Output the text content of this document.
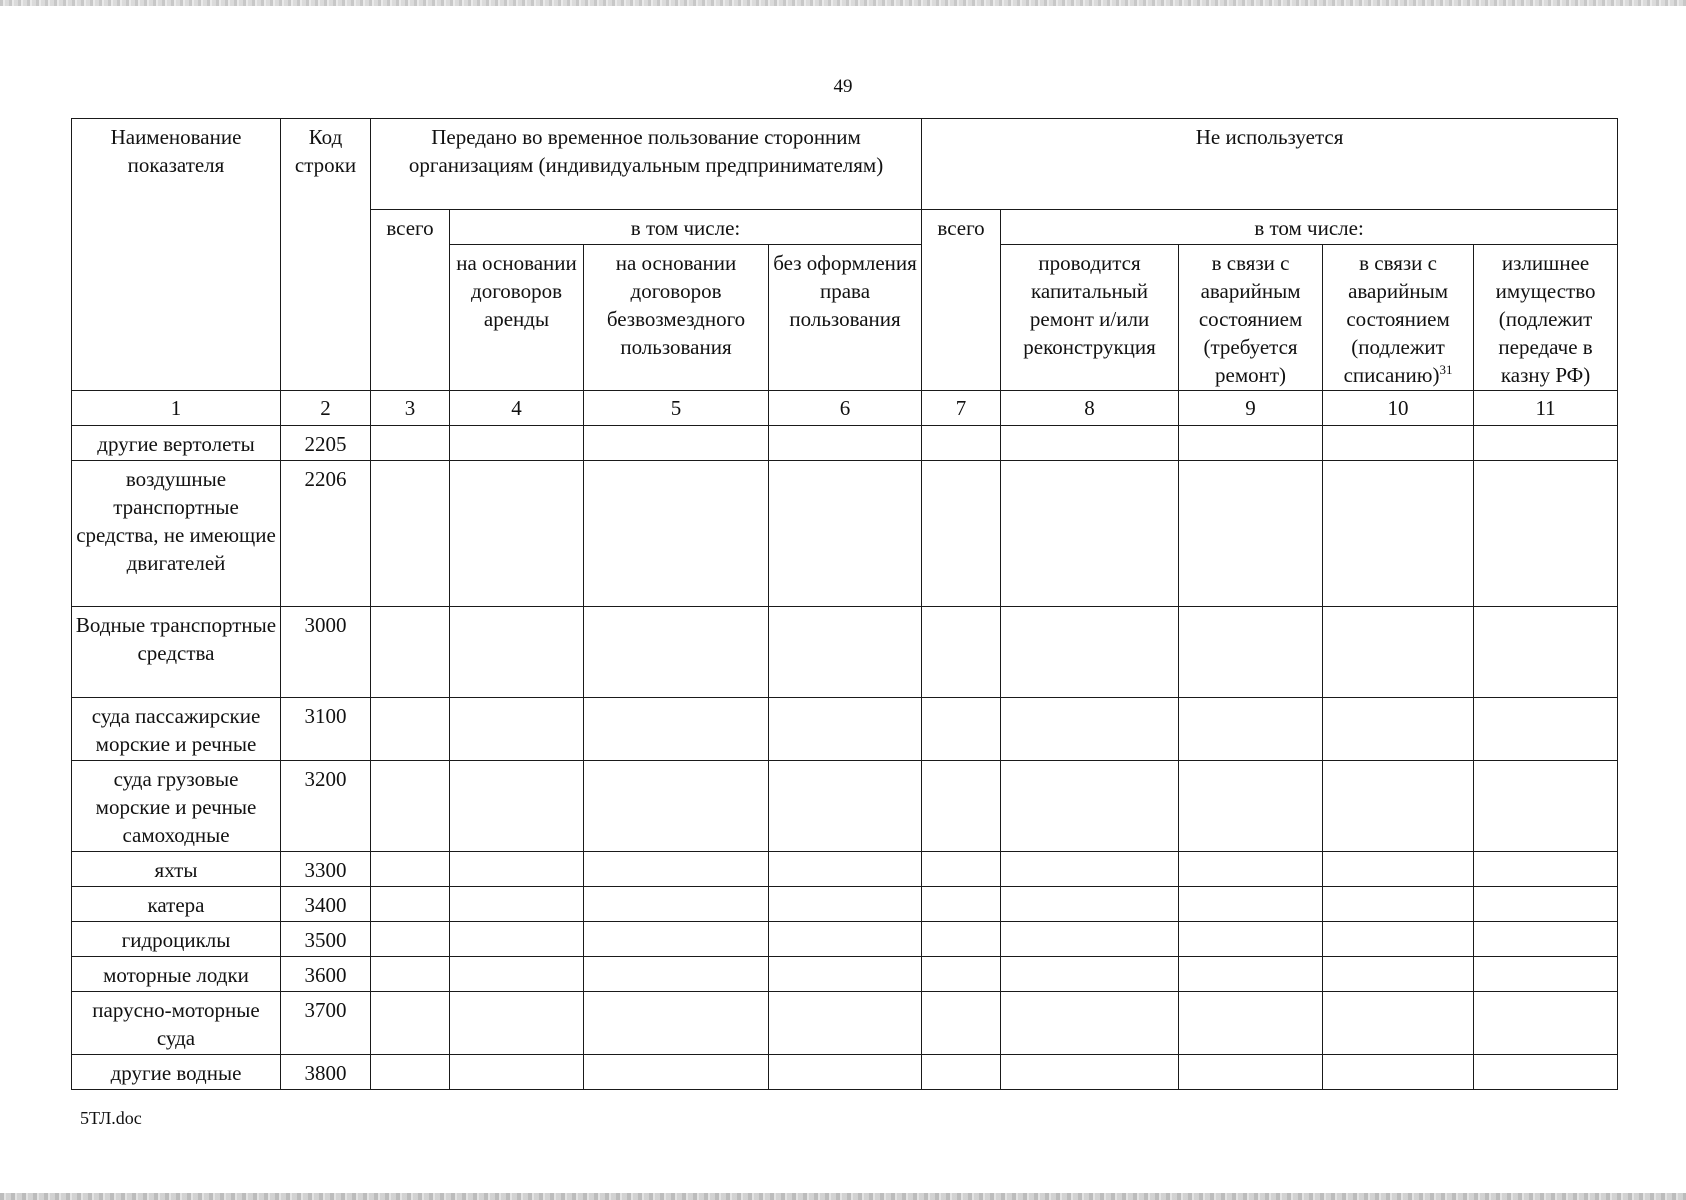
49
Наименование показателя	Код строки	Передано во временное пользование сторонним организациям (индивидуальным предпринимателям)				Не используется				
		всего	в том числе:			всего	в том числе:			
			на основании договоров аренды	на основании договоров безвозмездного пользования	без оформления права пользования		проводится капитальный ремонт и/или реконструкция	в связи с аварийным состоянием (требуется ремонт)	в связи с аварийным состоянием (подлежит списанию)$^{31}$	излишнее имущество (подлежит передаче в казну РФ)
1	2	3	4	5	6	7	8	9	10	11
другие вертолеты	2205									
воздушные транспортные средства, не имеющие двигателей	2206									
Водные транспортные средства	3000									
суда пассажирские морские и речные	3100									
суда грузовые морские и речные самоходные	3200									
яхты	3300									
катера	3400									
гидроциклы	3500									
моторные лодки	3600									
парусно-моторные суда	3700									
другие водные	3800									
5ТЛ.doc
